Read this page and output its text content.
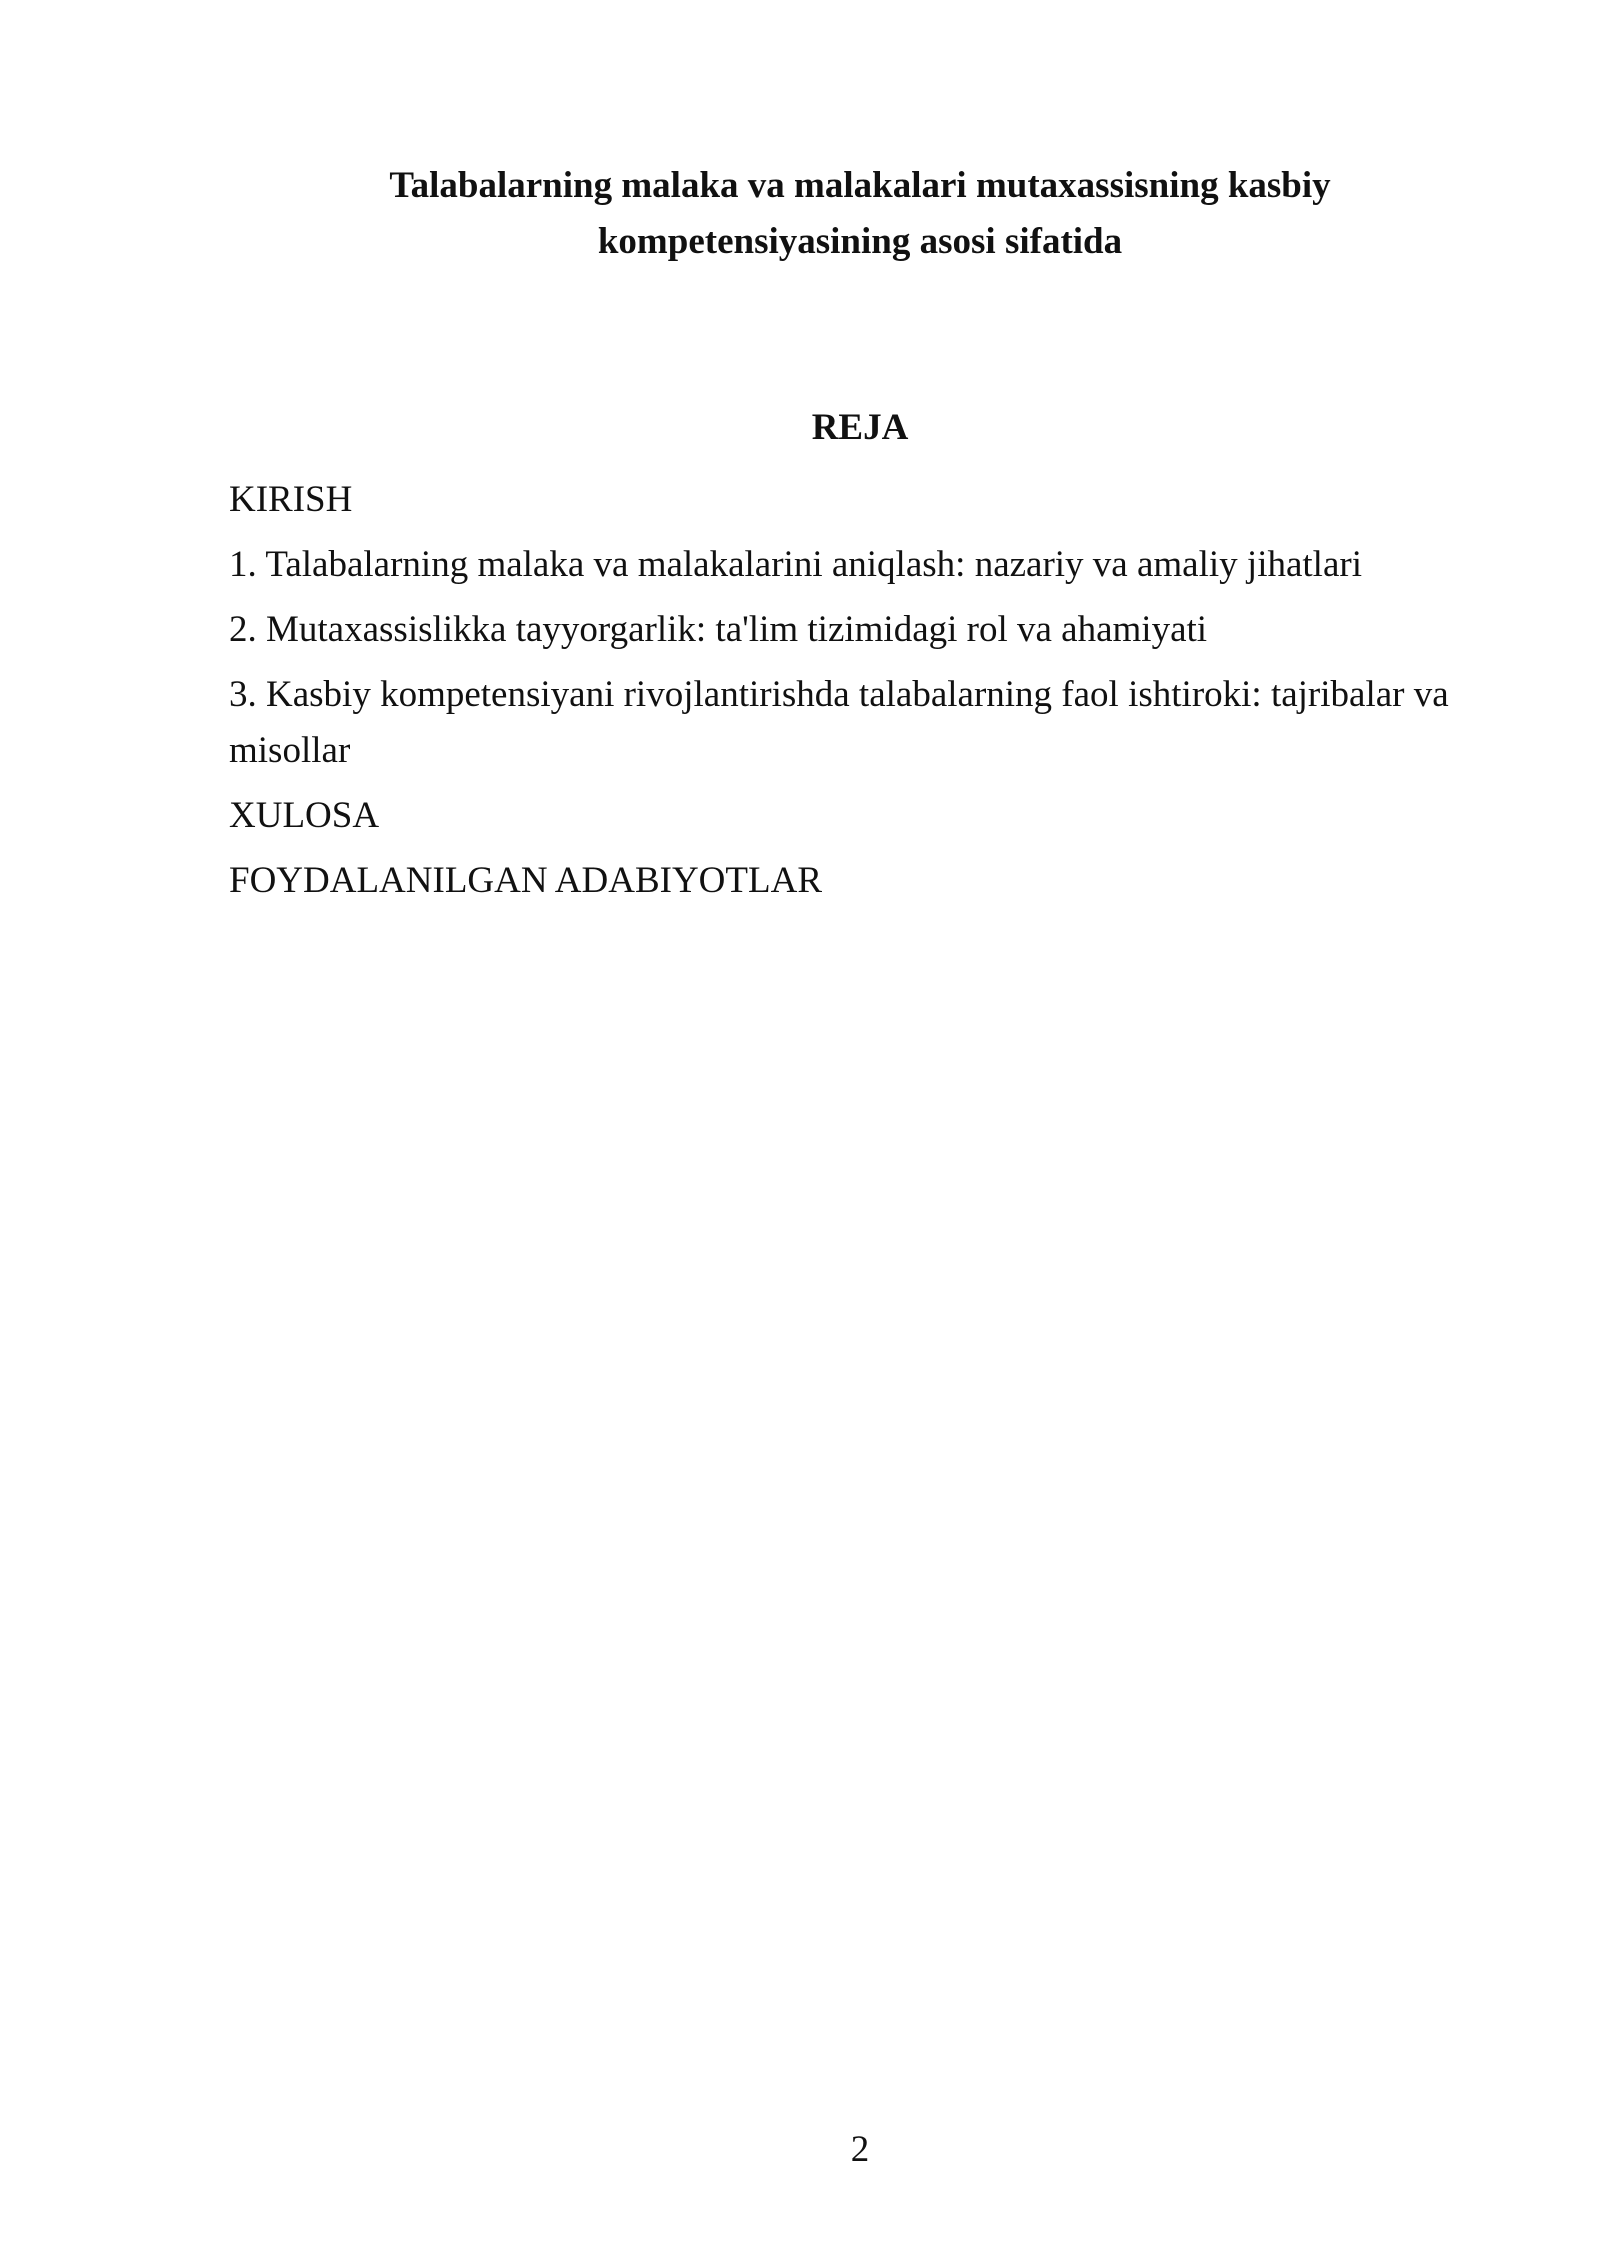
Talabalarning malaka va malakalari mutaxassisning kasbiy
kompetensiyasining asosi sifatida
REJA
KIRISH
1. Talabalarning malaka va malakalarini aniqlash: nazariy va amaliy jihatlari
2. Mutaxassislikka tayyorgarlik: ta'lim tizimidagi rol va ahamiyati
3. Kasbiy kompetensiyani rivojlantirishda talabalarning faol ishtiroki: tajribalar va misollar
XULOSA
FOYDALANILGAN ADABIYOTLAR
2
